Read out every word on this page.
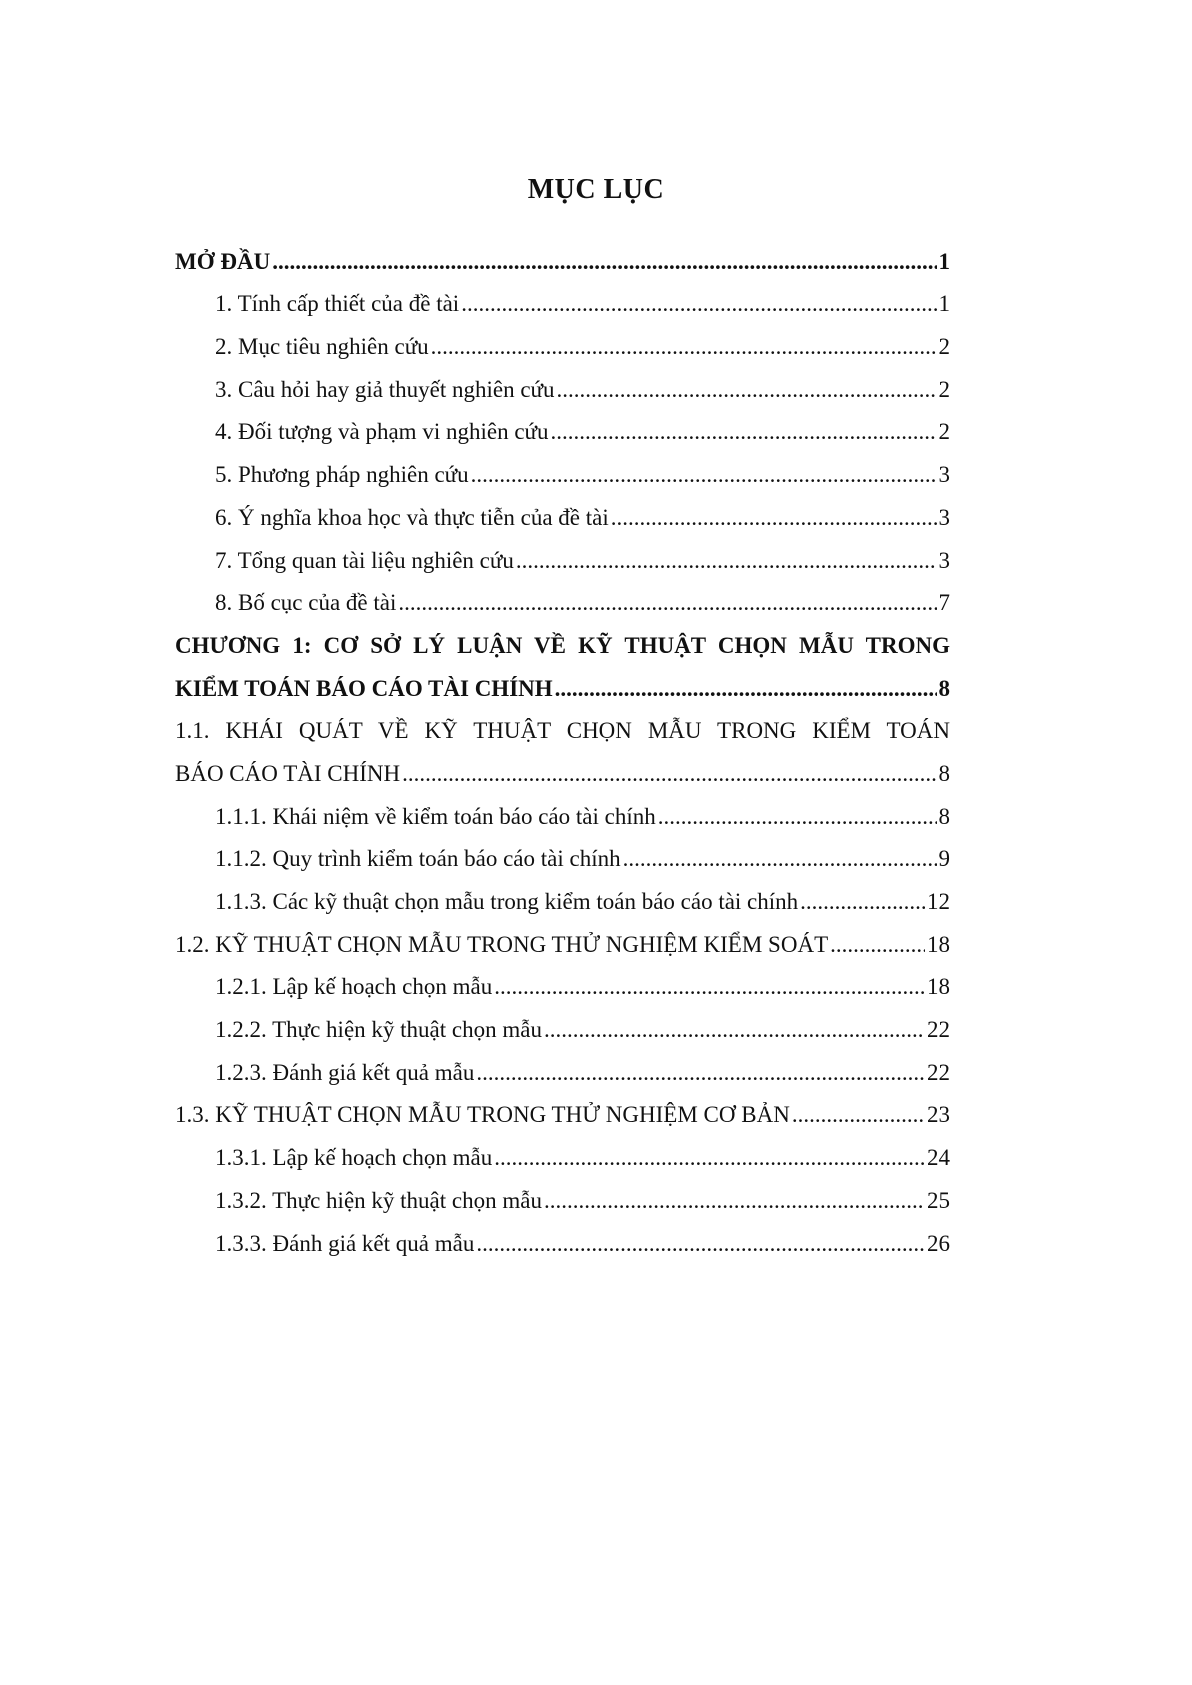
MỤC LỤC
MỞ ĐẦU .....	1
1. Tính cấp thiết của đề tài .....	1
2. Mục tiêu nghiên cứu .....	2
3. Câu hỏi hay giả thuyết nghiên cứu .....	2
4. Đối tượng và phạm vi nghiên cứu .....	2
5. Phương pháp nghiên cứu .....	3
6. Ý nghĩa khoa học và thực tiễn của đề tài .....	3
7. Tổng quan tài liệu nghiên cứu .....	3
8. Bố cục của đề tài .....	7
CHƯƠNG 1: CƠ SỞ LÝ LUẬN VỀ KỸ THUẬT CHỌN MẪU TRONG
KIỂM TOÁN BÁO CÁO TÀI CHÍNH .....	8
1.1. KHÁI QUÁT VỀ KỸ THUẬT CHỌN MẪU TRONG KIỂM TOÁN
BÁO CÁO TÀI CHÍNH .....	8
1.1.1. Khái niệm về kiểm toán báo cáo tài chính .....	8
1.1.2. Quy trình kiểm toán báo cáo tài chính .....	9
1.1.3. Các kỹ thuật chọn mẫu trong kiểm toán báo cáo tài chính .....	12
1.2. KỸ THUẬT CHỌN MẪU TRONG THỬ NGHIỆM KIỂM SOÁT .....	18
1.2.1. Lập kế hoạch chọn mẫu .....	18
1.2.2. Thực hiện kỹ thuật chọn mẫu .....	22
1.2.3. Đánh giá kết quả mẫu .....	22
1.3. KỸ THUẬT CHỌN MẪU TRONG THỬ NGHIỆM CƠ BẢN .....	23
1.3.1. Lập kế hoạch chọn mẫu .....	24
1.3.2. Thực hiện kỹ thuật chọn mẫu .....	25
1.3.3. Đánh giá kết quả mẫu .....	26
